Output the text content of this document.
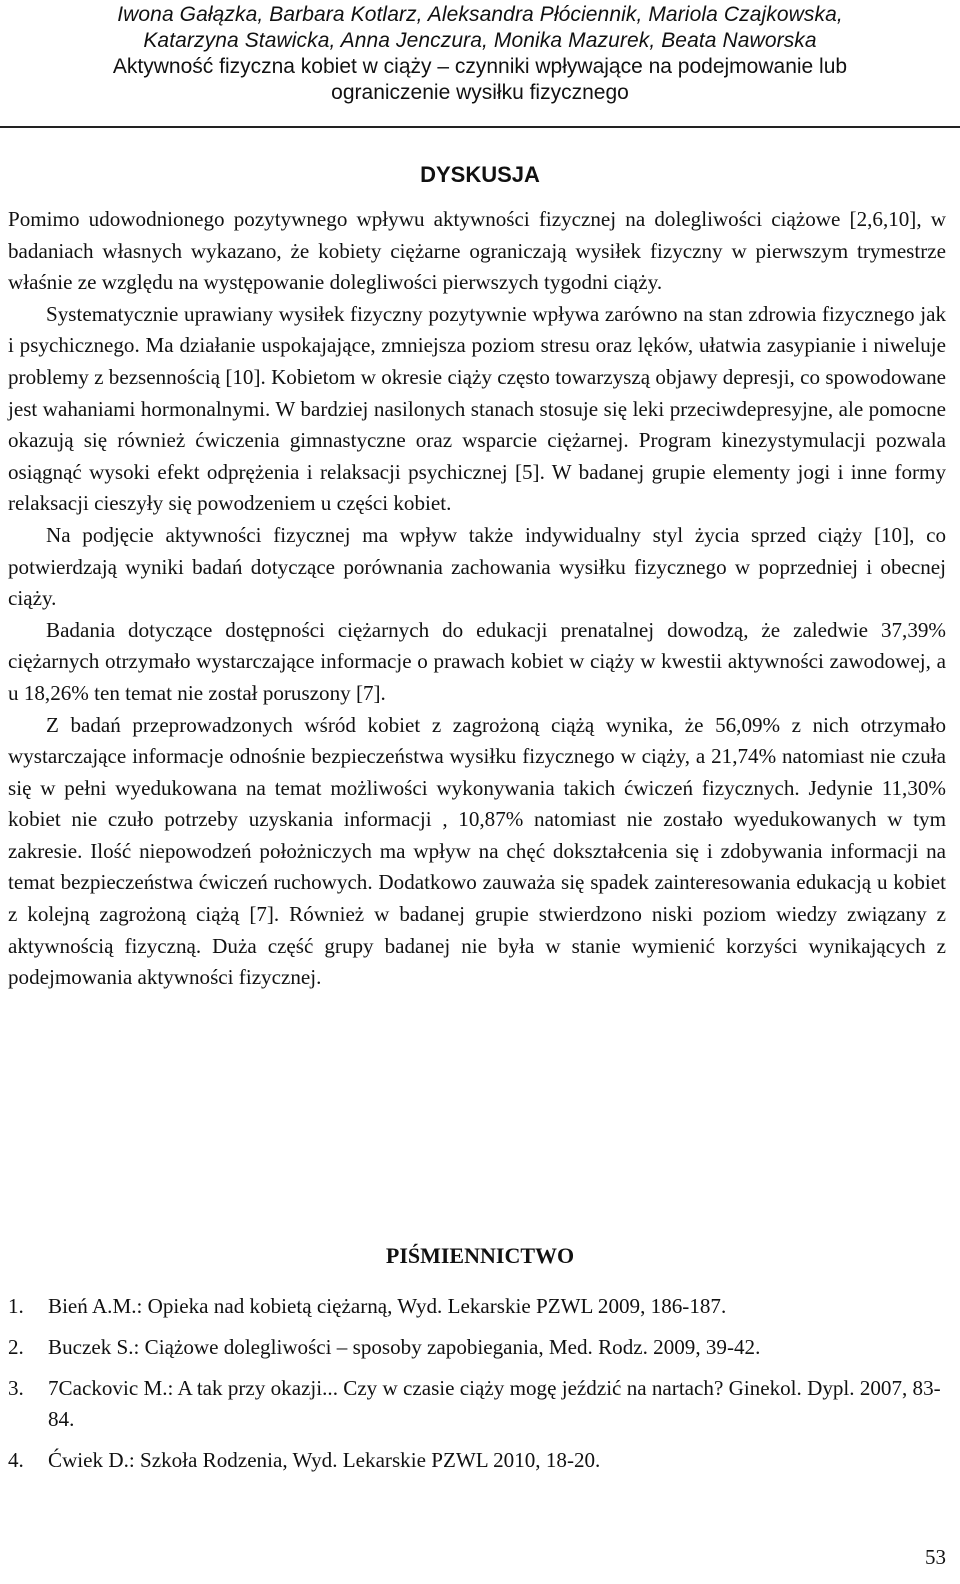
Iwona Gałązka, Barbara Kotlarz, Aleksandra Płóciennik, Mariola Czajkowska,
Katarzyna Stawicka, Anna Jenczura, Monika Mazurek, Beata Naworska
Aktywność fizyczna kobiet w ciąży – czynniki wpływające na podejmowanie lub
ograniczenie wysiłku fizycznego
DYSKUSJA

Pomimo udowodnionego pozytywnego wpływu aktywności fizycznej na dolegliwości ciążowe [2,6,10], w badaniach własnych wykazano, że kobiety ciężarne ograniczają wysiłek fizyczny w pierwszym trymestrze właśnie ze względu na występowanie dolegliwości pierwszych tygodni ciąży.

Systematycznie uprawiany wysiłek fizyczny pozytywnie wpływa zarówno na stan zdrowia fizycznego jak i psychicznego. Ma działanie uspokajające, zmniejsza poziom stresu oraz lęków, ułatwia zasypianie i niweluje problemy z bezsennością [10]. Kobietom w okresie ciąży często towarzyszą objawy depresji, co spowodowane jest wahaniami hormonalnymi. W bardziej nasilonych stanach stosuje się leki przeciwdepresyjne, ale pomocne okazują się również ćwiczenia gimnastyczne oraz wsparcie ciężarnej. Program kinezystymulacji pozwala osiągnąć wysoki efekt odprężenia i relaksacji psychicznej [5]. W badanej grupie elementy jogi i inne formy relaksacji cieszyły się powodzeniem u części kobiet.

Na podjęcie aktywności fizycznej ma wpływ także indywidualny styl życia sprzed ciąży [10], co potwierdzają wyniki badań dotyczące porównania zachowania wysiłku fizycznego w poprzedniej i obecnej ciąży.

Badania dotyczące dostępności ciężarnych do edukacji prenatalnej dowodzą, że zaledwie 37,39% ciężarnych otrzymało wystarczające informacje o prawach kobiet w ciąży w kwestii aktywności zawodowej, a u 18,26% ten temat nie został poruszony [7].

Z badań przeprowadzonych wśród kobiet z zagrożoną ciążą wynika, że 56,09% z nich otrzymało wystarczające informacje odnośnie bezpieczeństwa wysiłku fizycznego w ciąży, a 21,74% natomiast nie czuła się w pełni wyedukowana na temat możliwości wykonywania takich ćwiczeń fizycznych. Jedynie 11,30% kobiet nie czuło potrzeby uzyskania informacji , 10,87% natomiast nie zostało wyedukowanych w tym zakresie. Ilość niepowodzeń położniczych ma wpływ na chęć dokształcenia się i zdobywania informacji na temat bezpieczeństwa ćwiczeń ruchowych. Dodatkowo zauważa się spadek zainteresowania edukacją u kobiet z kolejną zagrożoną ciążą [7]. Również w badanej grupie stwierdzono niski poziom wiedzy związany z aktywnością fizyczną. Duża część grupy badanej nie była w stanie wymienić korzyści wynikających z podejmowania aktywności fizycznej.

PIŚMIENNICTWO
1. Bień A.M.: Opieka nad kobietą ciężarną, Wyd. Lekarskie PZWL 2009, 186-187.
2. Buczek S.: Ciążowe dolegliwości – sposoby zapobiegania, Med. Rodz. 2009, 39-42.
3. 7Cackovic M.: A tak przy okazji... Czy w czasie ciąży mogę jeździć na nartach? Ginekol. Dypl. 2007, 83-84.
4. Ćwiek D.: Szkoła Rodzenia, Wyd. Lekarskie PZWL 2010, 18-20.
53
